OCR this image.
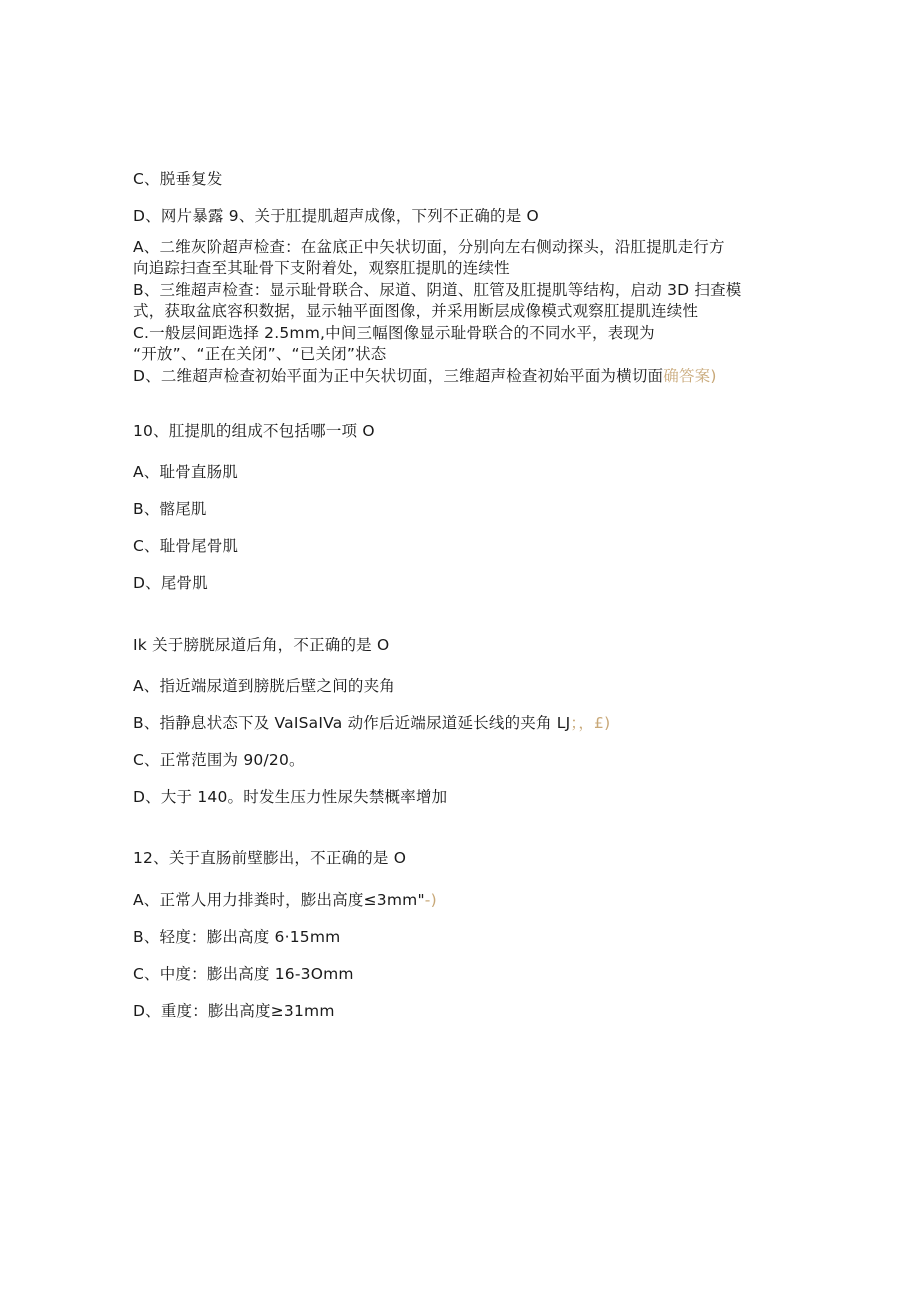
C、脱垂复发
D、网片暴露 9、关于肛提肌超声成像，下列不正确的是 O
A、二维灰阶超声检查：在盆底正中矢状切面，分别向左右侧动探头，沿肛提肌走行方
向追踪扫查至其耻骨下支附着处，观察肛提肌的连续性
B、三维超声检查：显示耻骨联合、尿道、阴道、肛管及肛提肌等结构，启动 3D 扫查模
式，获取盆底容积数据，显示轴平面图像，并采用断层成像模式观察肛提肌连续性
C.一般层间距选择 2.5mm,中间三幅图像显示耻骨联合的不同水平，表现为
“开放”、“正在关闭”、“已关闭”状态
D、二维超声检查初始平面为正中矢状切面，三维超声检查初始平面为横切面确答案)
10、肛提肌的组成不包括哪一项 O
A、耻骨直肠肌
B、髂尾肌
C、耻骨尾骨肌
D、尾骨肌
Ik 关于膀胱尿道后角，不正确的是 O
A、指近端尿道到膀胱后壁之间的夹角
B、指静息状态下及 VaISaIVa 动作后近端尿道延长线的夹角 LJ；，£)
C、正常范围为 90/20。
D、大于 140。时发生压力性尿失禁概率增加
12、关于直肠前壁膨出，不正确的是 O
A、正常人用力排粪时，膨出高度≤3mm"-)
B、轻度：膨出高度 6·15mm
C、中度：膨出高度 16-3Omm
D、重度：膨出高度≥31mm
